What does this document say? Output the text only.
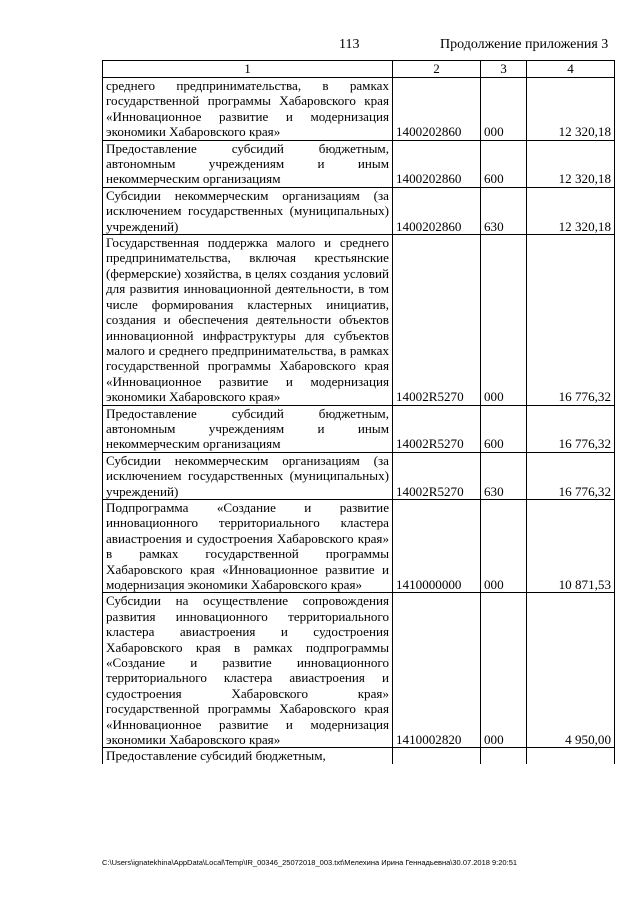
113	Продолжение приложения 3
1	2	3	4
среднего предпринимательства, в рамках государственной программы Хабаровского края «Инновационное развитие и модернизация экономики Хабаровского края»	1400202860	000	12 320,18
Предоставление субсидий бюджетным, автономным учреждениям и иным некоммерческим организациям	1400202860	600	12 320,18
Субсидии некоммерческим организациям (за исключением государственных (муниципальных) учреждений)	1400202860	630	12 320,18
Государственная поддержка малого и среднего предпринимательства, включая крестьянские (фермерские) хозяйства, в целях создания условий для развития инновационной деятельности, в том числе формирования кластерных инициатив, создания и обеспечения деятельности объектов инновационной инфраструктуры для субъектов малого и среднего предпринимательства, в рамках государственной программы Хабаровского края «Инновационное развитие и модернизация экономики Хабаровского края»	14002R5270	000	16 776,32
Предоставление субсидий бюджетным, автономным учреждениям и иным некоммерческим организациям	14002R5270	600	16 776,32
Субсидии некоммерческим организациям (за исключением государственных (муниципальных) учреждений)	14002R5270	630	16 776,32
Подпрограмма «Создание и развитие инновационного территориального кластера авиастроения и судостроения Хабаровского края» в рамках государственной программы Хабаровского края «Инновационное развитие и модернизация экономики Хабаровского края»	1410000000	000	10 871,53
Субсидии на осуществление сопровождения развития инновационного территориального кластера авиастроения и судостроения Хабаровского края в рамках подпрограммы «Создание и развитие инновационного территориального кластера авиастроения и судостроения Хабаровского края» государственной программы Хабаровского края «Инновационное развитие и модернизация экономики Хабаровского края»	1410002820	000	4 950,00
Предоставление субсидий бюджетным,			
C:\Users\ignatekhina\AppData\Local\Temp\IR_00346_25072018_003.txt\Мелехина Ирина Геннадьевна\30.07.2018 9:20:51
